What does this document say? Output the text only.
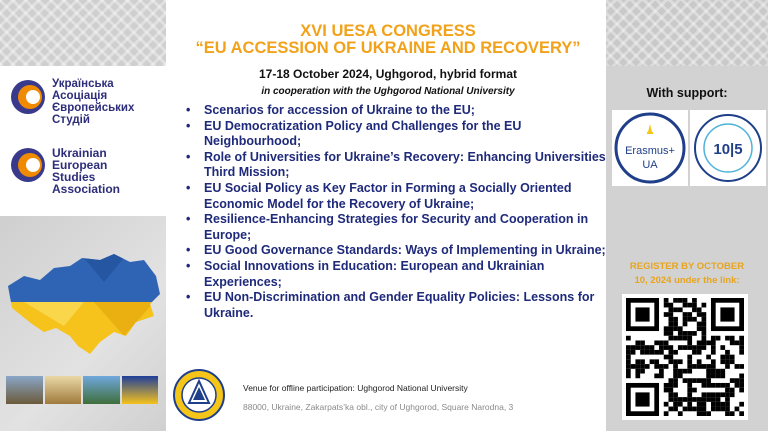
Українська
Асоціація
Європейських
Студій
Ukrainian
European
Studies
Association
XVI UESA CONGRESS
“EU ACCESSION OF UKRAINE AND RECOVERY”
17-18 October 2024, Ughgorod, hybrid format
in cooperation with the Ughgorod National University
• Scenarios for accession of Ukraine to the EU;
• EU Democratization Policy and Challenges for the EU Neighbourhood;
• Role of Universities for Ukraine’s Recovery: Enhancing Universities Third Mission;
• EU Social Policy as Key Factor in Forming a Socially Oriented Economic Model for the Recovery of Ukraine;
• Resilience-Enhancing Strategies for Security and Cooperation in Europe;
• EU Good Governance Standards: Ways of Implementing in Ukraine;
• Social Innovations in Education: European and Ukrainian Experiences;
• EU Non-Discrimination and Gender Equality Policies: Lessons for Ukraine.
Venue for offline participation: Ughgorod National University
88000, Ukraine, Zakarpats’ka obl., city of Ughgorod, Square Narodna, 3
With support:
Erasmus+
UA
10|5
REGISTER BY OCTOBER
10, 2024 under the link:
